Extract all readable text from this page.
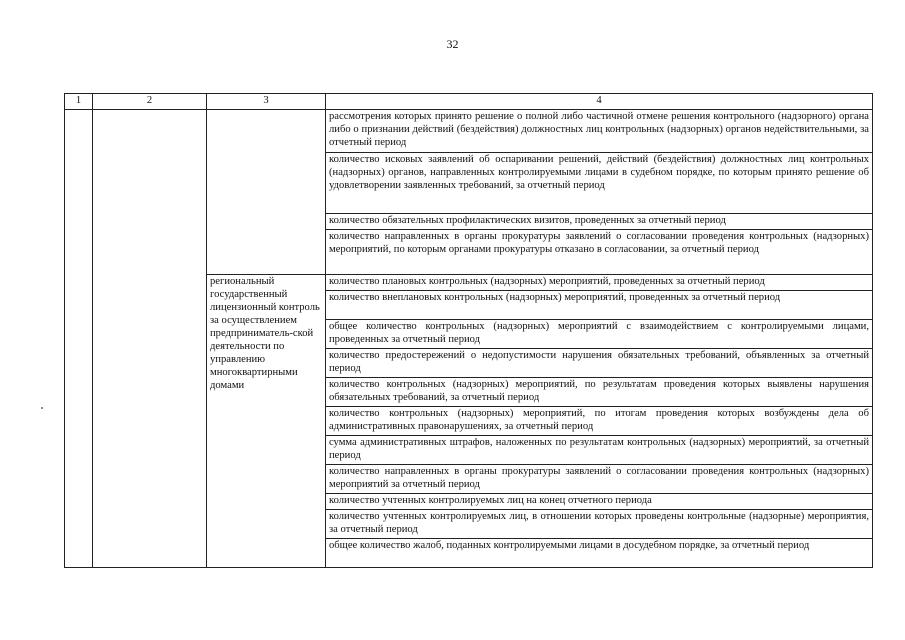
32
1	2	3	4
			рассмотрения которых принято решение о полной либо частичной отмене решения контрольного (надзорного) органа либо о признании действий (бездействия) должностных лиц контрольных (надзорных) органов недействительными, за отчетный период
			количество исковых заявлений об оспаривании решений, действий (бездействия) должностных лиц контрольных (надзорных) органов, направленных контролируемыми лицами в судебном порядке, по которым принято решение об удовлетворении заявленных требований, за отчетный период
			количество обязательных профилактических визитов, проведенных за отчетный период
			количество направленных в органы прокуратуры заявлений о согласовании проведения контрольных (надзорных) мероприятий, по которым органами прокуратуры отказано в согласовании, за отчетный период
		региональный государственный лицензионный контроль за осуществлением предприниматель-ской деятельности по управлению многоквартирными домами	количество плановых контрольных (надзорных) мероприятий, проведенных за отчетный период
			количество внеплановых контрольных (надзорных) мероприятий, проведенных за отчетный период
			общее количество контрольных (надзорных) мероприятий с взаимодействием с контролируемыми лицами, проведенных за отчетный период
			количество предостережений о недопустимости нарушения обязательных требований, объявленных за отчетный период
			количество контрольных (надзорных) мероприятий, по результатам проведения которых выявлены нарушения обязательных требований, за отчетный период
			количество контрольных (надзорных) мероприятий, по итогам проведения которых возбуждены дела об административных правонарушениях, за отчетный период
			сумма административных штрафов, наложенных по результатам контрольных (надзорных) мероприятий, за отчетный период
			количество направленных в органы прокуратуры заявлений о согласовании проведения контрольных (надзорных) мероприятий за отчетный период
			количество учтенных контролируемых лиц на конец отчетного периода
			количество учтенных контролируемых лиц, в отношении которых проведены контрольные (надзорные) мероприятия, за отчетный период
			общее количество жалоб, поданных контролируемыми лицами в досудебном порядке, за отчетный период
